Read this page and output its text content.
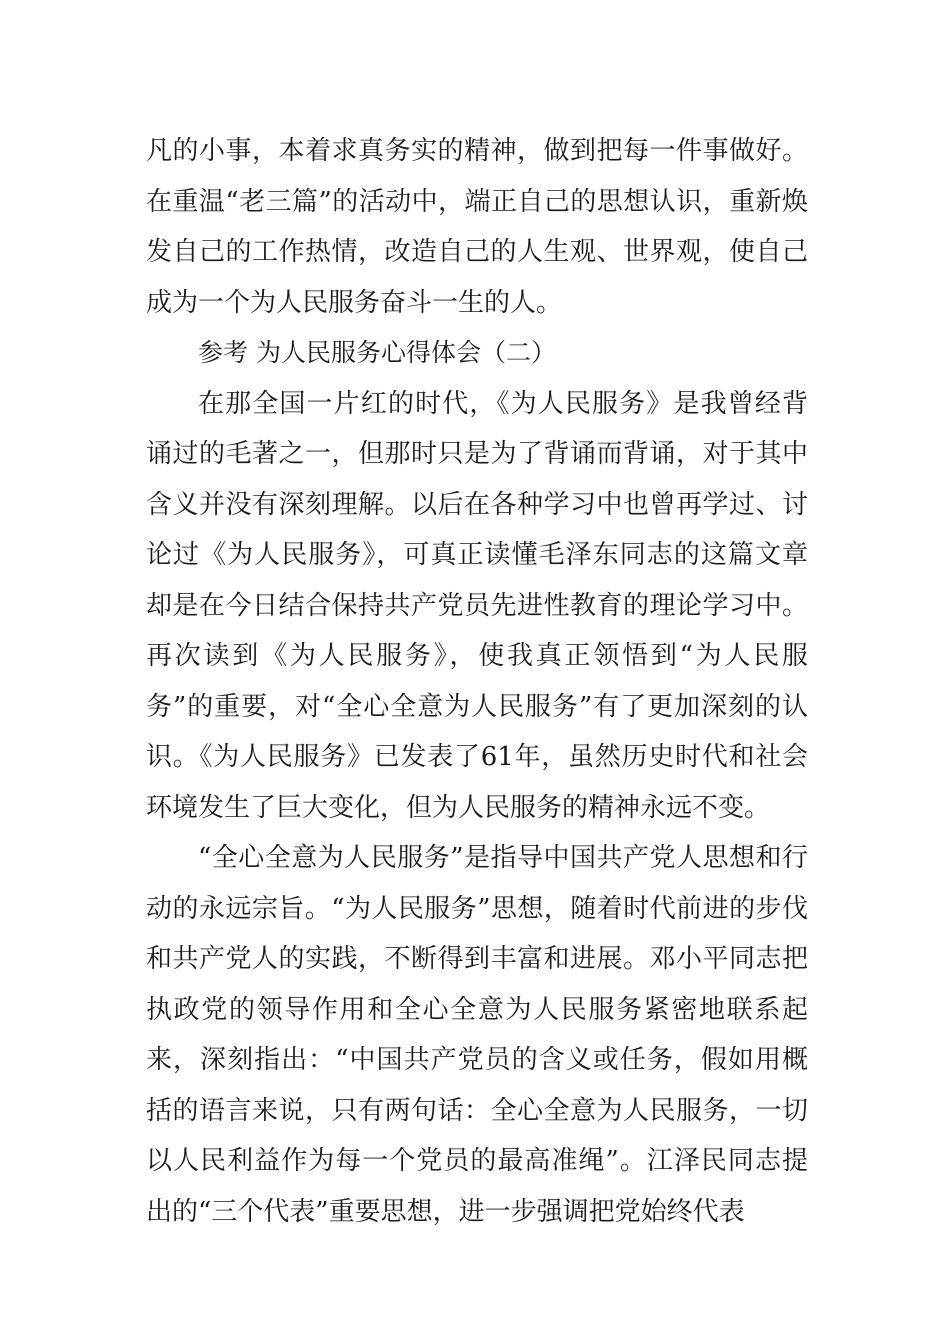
凡的小事，本着求真务实的精神，做到把每一件事做好。在重温“老三篇”的活动中，端正自己的思想认识，重新焕发自己的工作热情，改造自己的人生观、世界观，使自己成为一个为人民服务奋斗一生的人。

参考 为人民服务心得体会（二）

在那全国一片红的时代，《为人民服务》是我曾经背诵过的毛著之一，但那时只是为了背诵而背诵，对于其中含义并没有深刻理解。以后在各种学习中也曾再学过、讨论过《为人民服务》，可真正读懂毛泽东同志的这篇文章却是在今日结合保持共产党员先进性教育的理论学习中。再次读到《为人民服务》，使我真正领悟到“为人民服务”的重要，对“全心全意为人民服务”有了更加深刻的认识。《为人民服务》已发表了61年，虽然历史时代和社会环境发生了巨大变化，但为人民服务的精神永远不变。

“全心全意为人民服务”是指导中国共产党人思想和行动的永远宗旨。“为人民服务”思想，随着时代前进的步伐和共产党人的实践，不断得到丰富和进展。邓小平同志把执政党的领导作用和全心全意为人民服务紧密地联系起来，深刻指出：“中国共产党员的含义或任务，假如用概括的语言来说，只有两句话：全心全意为人民服务，一切以人民利益作为每一个党员的最高准绳”。江泽民同志提出的“三个代表”重要思想，进一步强调把党始终代表
